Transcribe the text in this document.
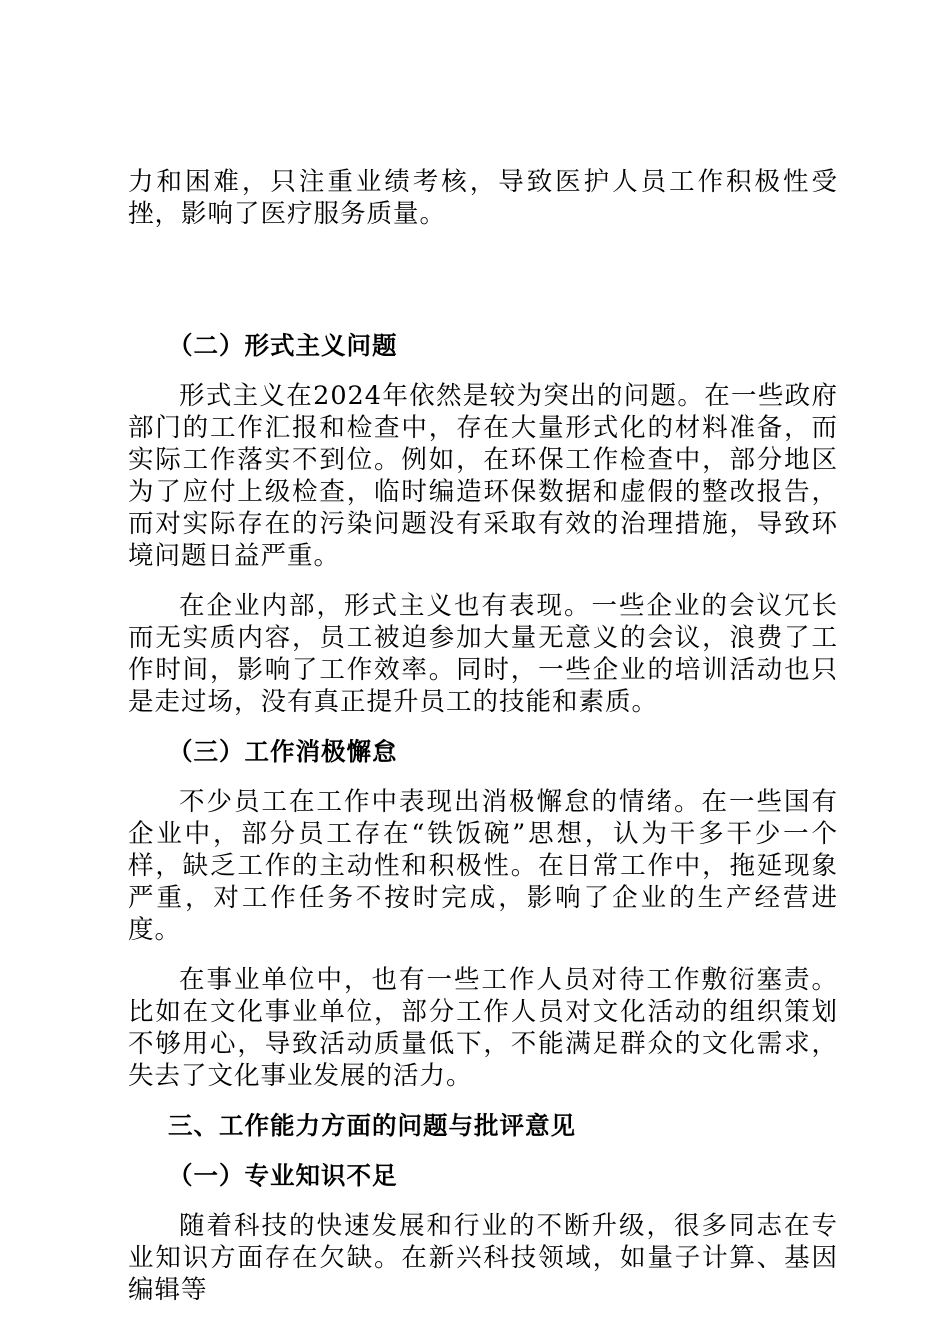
力和困难，只注重业绩考核，导致医护人员工作积极性受挫，影响了医疗服务质量。

（二）形式主义问题

形式主义在2024年依然是较为突出的问题。在一些政府部门的工作汇报和检查中，存在大量形式化的材料准备，而实际工作落实不到位。例如，在环保工作检查中，部分地区为了应付上级检查，临时编造环保数据和虚假的整改报告，而对实际存在的污染问题没有采取有效的治理措施，导致环境问题日益严重。

在企业内部，形式主义也有表现。一些企业的会议冗长而无实质内容，员工被迫参加大量无意义的会议，浪费了工作时间，影响了工作效率。同时，一些企业的培训活动也只是走过场，没有真正提升员工的技能和素质。

（三）工作消极懈怠

不少员工在工作中表现出消极懈怠的情绪。在一些国有企业中，部分员工存在“铁饭碗”思想，认为干多干少一个样，缺乏工作的主动性和积极性。在日常工作中，拖延现象严重，对工作任务不按时完成，影响了企业的生产经营进度。

在事业单位中，也有一些工作人员对待工作敷衍塞责。比如在文化事业单位，部分工作人员对文化活动的组织策划不够用心，导致活动质量低下，不能满足群众的文化需求，失去了文化事业发展的活力。

三、工作能力方面的问题与批评意见

（一）专业知识不足

随着科技的快速发展和行业的不断升级，很多同志在专业知识方面存在欠缺。在新兴科技领域，如量子计算、基因编辑等
